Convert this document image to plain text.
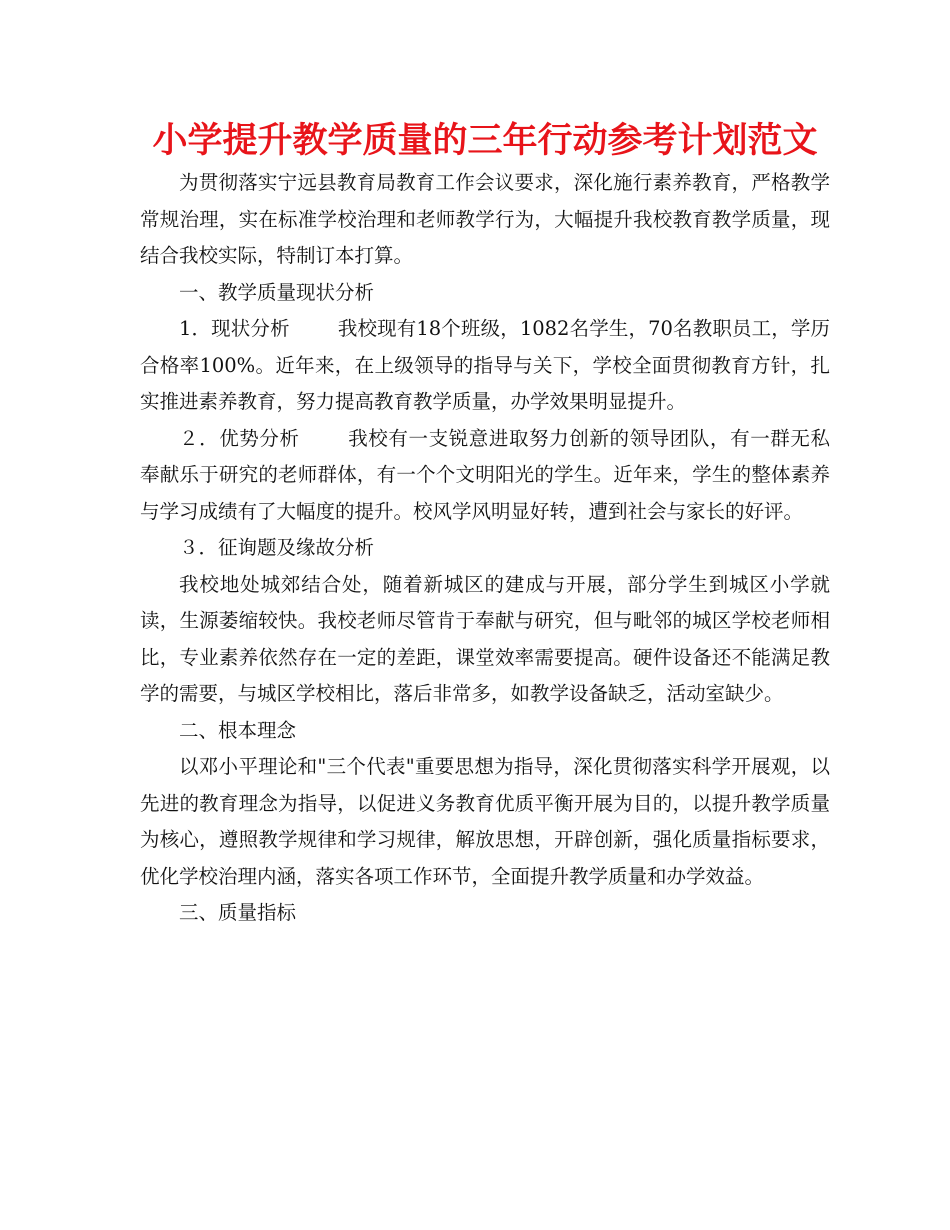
小学提升教学质量的三年行动参考计划范文

为贯彻落实宁远县教育局教育工作会议要求，深化施行素养教育，严格教学常规治理，实在标准学校治理和老师教学行为，大幅提升我校教育教学质量，现结合我校实际，特制订本打算。

一、教学质量现状分析

1．现状分析 我校现有18个班级，1082名学生，70名教职员工，学历合格率100%。近年来，在上级领导的指导与关下，学校全面贯彻教育方针，扎实推进素养教育，努力提高教育教学质量，办学效果明显提升。

２．优势分析 我校有一支锐意进取努力创新的领导团队，有一群无私奉献乐于研究的老师群体，有一个个文明阳光的学生。近年来，学生的整体素养与学习成绩有了大幅度的提升。校风学风明显好转，遭到社会与家长的好评。

３．征询题及缘故分析

我校地处城郊结合处，随着新城区的建成与开展，部分学生到城区小学就读，生源萎缩较快。我校老师尽管肯于奉献与研究，但与毗邻的城区学校老师相比，专业素养依然存在一定的差距，课堂效率需要提高。硬件设备还不能满足教学的需要，与城区学校相比，落后非常多，如教学设备缺乏，活动室缺少。

二、根本理念

以邓小平理论和"三个代表"重要思想为指导，深化贯彻落实科学开展观，以先进的教育理念为指导，以促进义务教育优质平衡开展为目的，以提升教学质量为核心，遵照教学规律和学习规律，解放思想，开辟创新，强化质量指标要求，优化学校治理内涵，落实各项工作环节，全面提升教学质量和办学效益。

三、质量指标
